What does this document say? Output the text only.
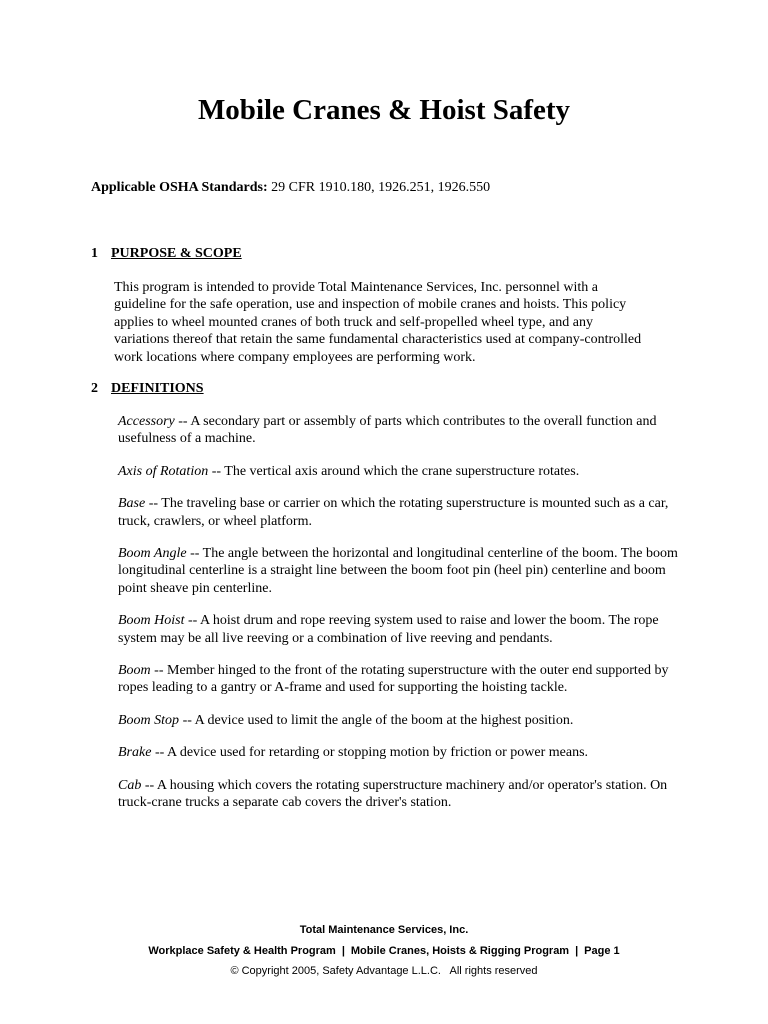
Mobile Cranes & Hoist Safety
Applicable OSHA Standards: 29 CFR 1910.180, 1926.251, 1926.550
1 PURPOSE & SCOPE
This program is intended to provide Total Maintenance Services, Inc. personnel with a
guideline for the safe operation, use and inspection of mobile cranes and hoists. This policy
applies to wheel mounted cranes of both truck and self-propelled wheel type, and any
variations thereof that retain the same fundamental characteristics used at company-controlled
work locations where company employees are performing work.
2 DEFINITIONS

Accessory -- A secondary part or assembly of parts which contributes to the overall function and usefulness of a machine.

Axis of Rotation -- The vertical axis around which the crane superstructure rotates.

Base -- The traveling base or carrier on which the rotating superstructure is mounted such as a car, truck, crawlers, or wheel platform.

Boom Angle -- The angle between the horizontal and longitudinal centerline of the boom. The boom longitudinal centerline is a straight line between the boom foot pin (heel pin) centerline and boom point sheave pin centerline.

Boom Hoist -- A hoist drum and rope reeving system used to raise and lower the boom. The rope system may be all live reeving or a combination of live reeving and pendants.

Boom -- Member hinged to the front of the rotating superstructure with the outer end supported by ropes leading to a gantry or A-frame and used for supporting the hoisting tackle.

Boom Stop -- A device used to limit the angle of the boom at the highest position.

Brake -- A device used for retarding or stopping motion by friction or power means.

Cab -- A housing which covers the rotating superstructure machinery and/or operator's station. On truck-crane trucks a separate cab covers the driver's station.

Total Maintenance Services, Inc.
Workplace Safety & Health Program | Mobile Cranes, Hoists & Rigging Program | Page 1
© Copyright 2005, Safety Advantage L.L.C.   All rights reserved
